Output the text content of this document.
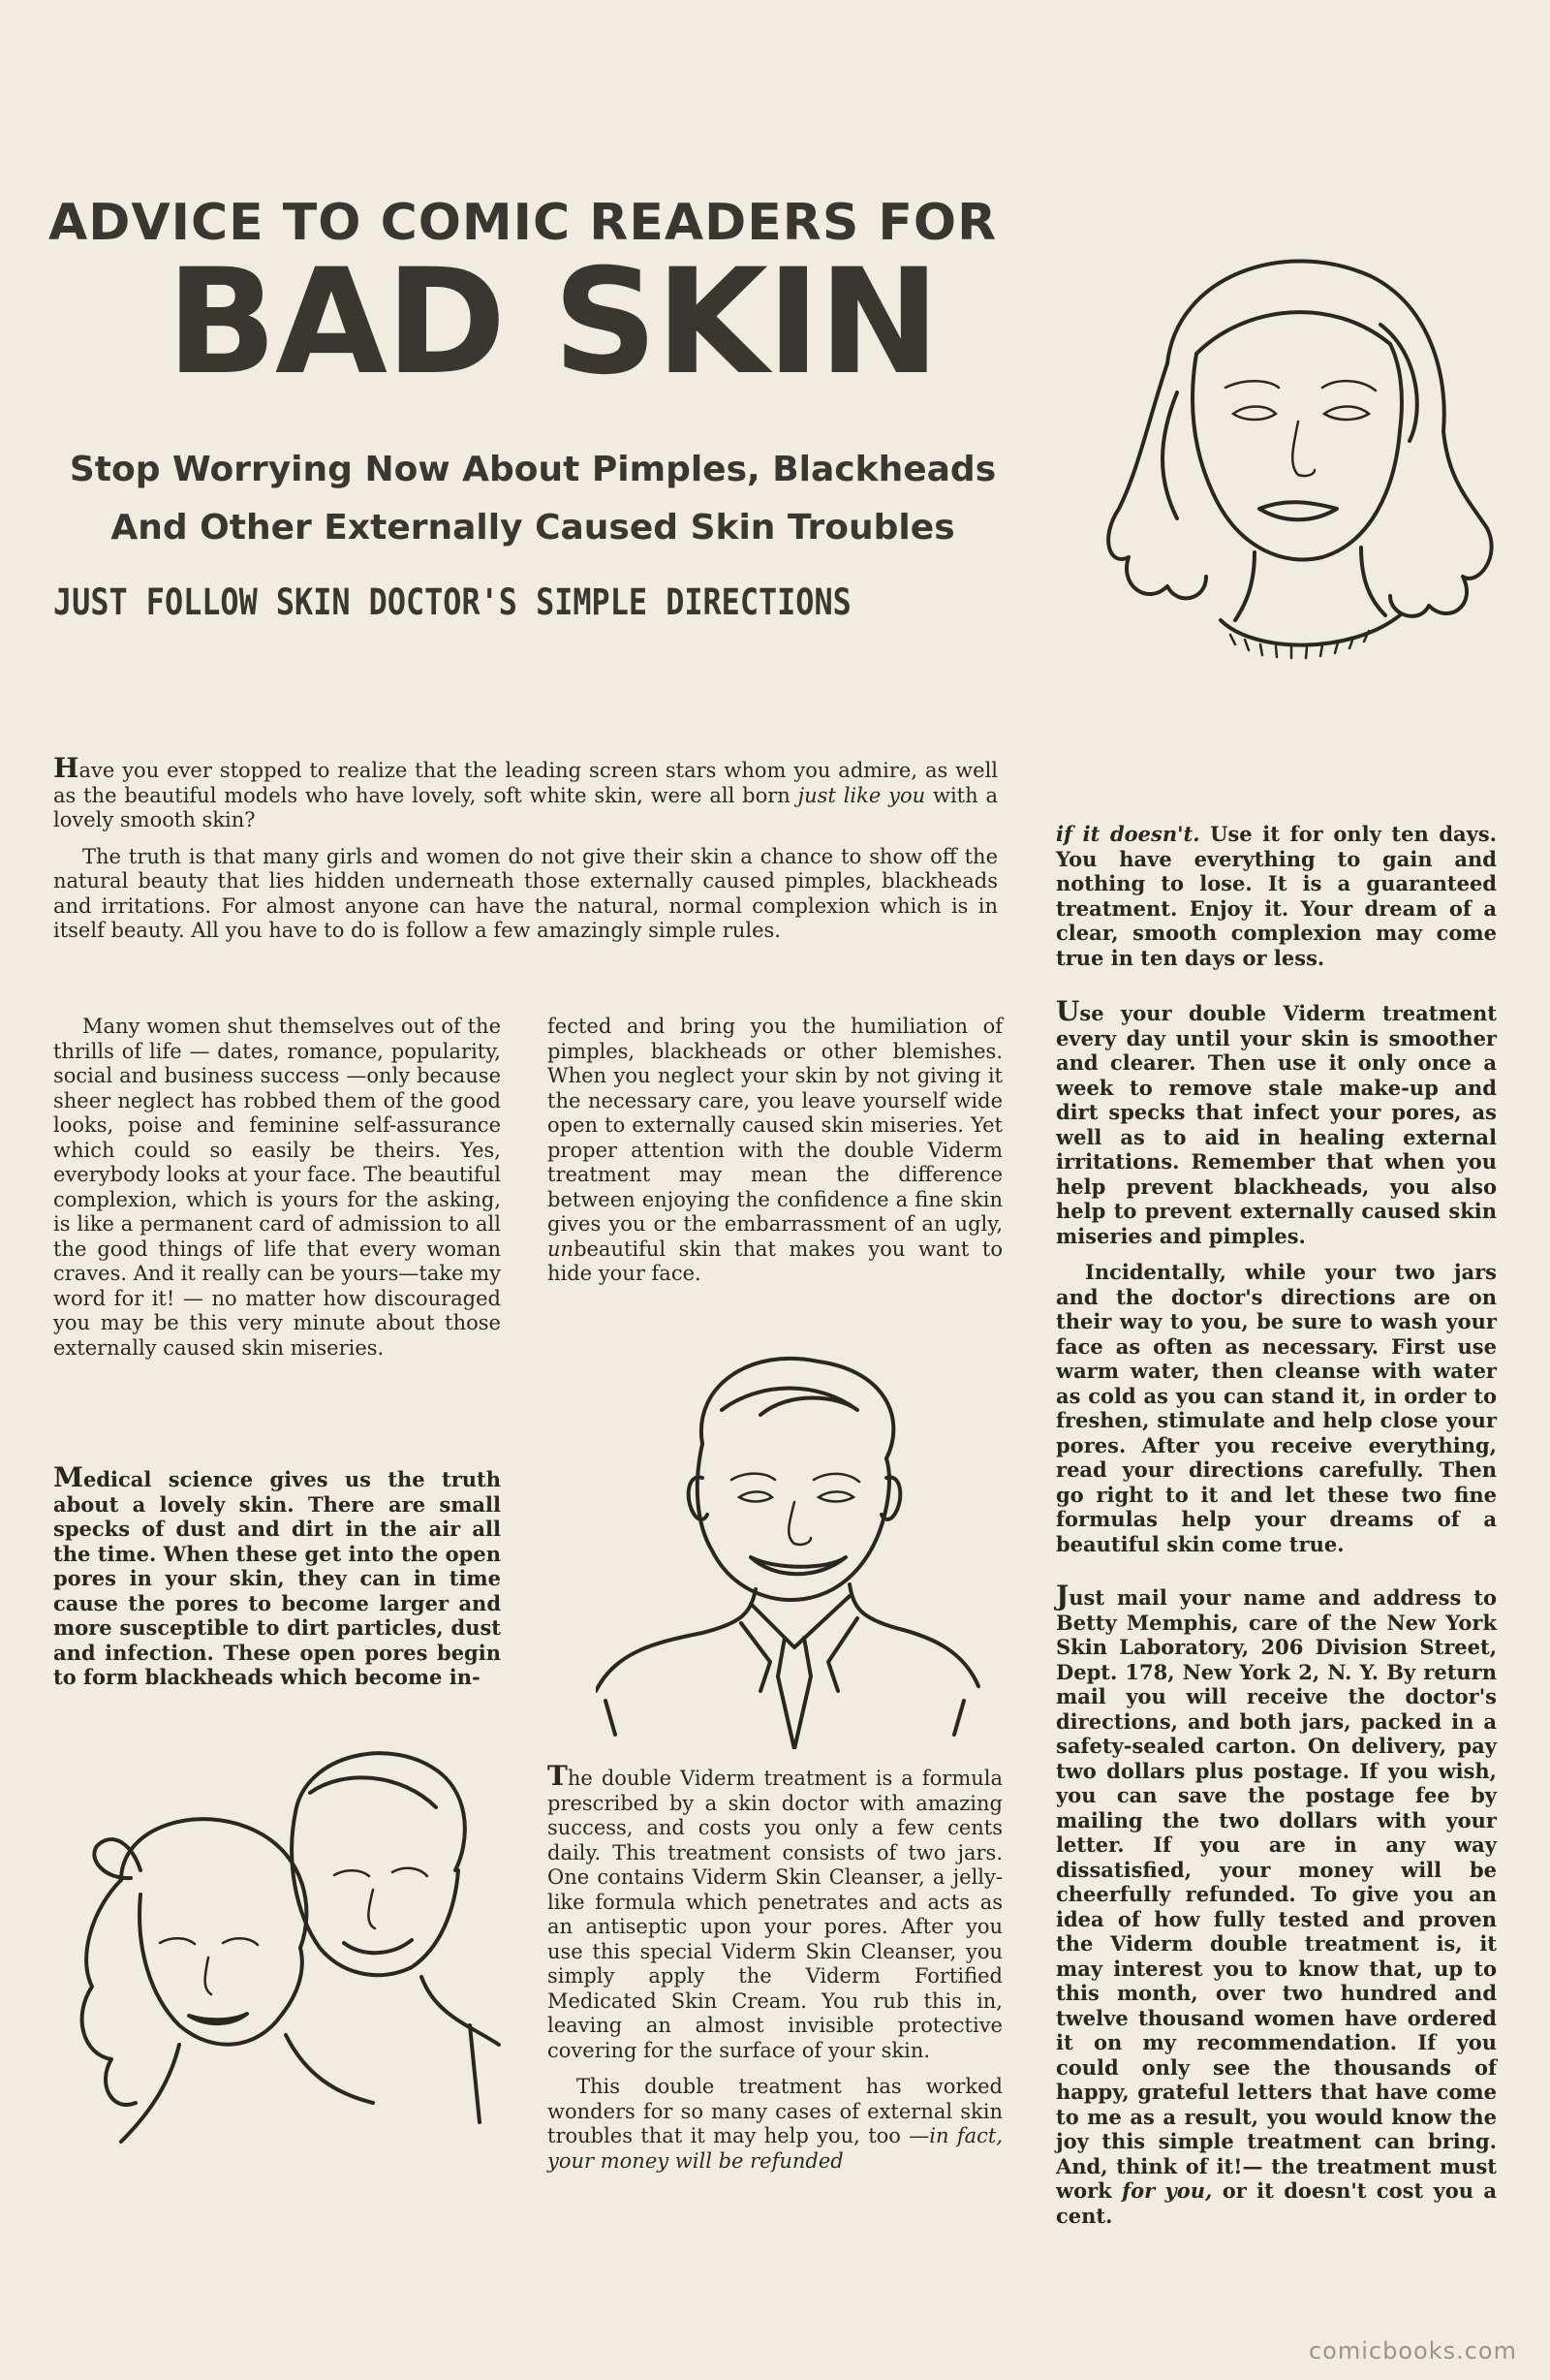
ADVICE TO COMIC READERS FOR
BAD SKIN
Stop Worrying Now About Pimples, Blackheads
And Other Externally Caused Skin Troubles
JUST FOLLOW SKIN DOCTOR'S SIMPLE DIRECTIONS

Have you ever stopped to realize that the leading screen stars whom you admire, as well as the beautiful models who have lovely, soft white skin, were all born just like you with a lovely smooth skin?

The truth is that many girls and women do not give their skin a chance to show off the natural beauty that lies hidden underneath those externally caused pimples, blackheads and irritations. For almost anyone can have the natural, normal complexion which is in itself beauty. All you have to do is follow a few amazingly simple rules.

Many women shut themselves out of the thrills of life — dates, romance, popularity, social and business success —only because sheer neglect has robbed them of the good looks, poise and feminine self-assurance which could so easily be theirs. Yes, everybody looks at your face. The beautiful complexion, which is yours for the asking, is like a permanent card of admission to all the good things of life that every woman craves. And it really can be yours—take my word for it! — no matter how discouraged you may be this very minute about those externally caused skin miseries.

Medical science gives us the truth about a lovely skin. There are small specks of dust and dirt in the air all the time. When these get into the open pores in your skin, they can in time cause the pores to become larger and more susceptible to dirt particles, dust and infection. These open pores begin to form blackheads which become in-

fected and bring you the humiliation of pimples, blackheads or other blemishes. When you neglect your skin by not giving it the necessary care, you leave yourself wide open to externally caused skin miseries. Yet proper attention with the double Viderm treatment may mean the difference between enjoying the confidence a fine skin gives you or the embarrassment of an ugly, unbeautiful skin that makes you want to hide your face.

The double Viderm treatment is a formula prescribed by a skin doctor with amazing success, and costs you only a few cents daily. This treatment consists of two jars. One contains Viderm Skin Cleanser, a jelly-like formula which penetrates and acts as an antiseptic upon your pores. After you use this special Viderm Skin Cleanser, you simply apply the Viderm Fortified Medicated Skin Cream. You rub this in, leaving an almost invisible protective covering for the surface of your skin.

This double treatment has worked wonders for so many cases of external skin troubles that it may help you, too —in fact, your money will be refunded

if it doesn't. Use it for only ten days. You have everything to gain and nothing to lose. It is a guaranteed treatment. Enjoy it. Your dream of a clear, smooth complexion may come true in ten days or less.

Use your double Viderm treatment every day until your skin is smoother and clearer. Then use it only once a week to remove stale make-up and dirt specks that infect your pores, as well as to aid in healing external irritations. Remember that when you help prevent blackheads, you also help to prevent externally caused skin miseries and pimples.

Incidentally, while your two jars and the doctor's directions are on their way to you, be sure to wash your face as often as necessary. First use warm water, then cleanse with water as cold as you can stand it, in order to freshen, stimulate and help close your pores. After you receive everything, read your directions carefully. Then go right to it and let these two fine formulas help your dreams of a beautiful skin come true.

Just mail your name and address to Betty Memphis, care of the New York Skin Laboratory, 206 Division Street, Dept. 178, New York 2, N. Y. By return mail you will receive the doctor's directions, and both jars, packed in a safety-sealed carton. On delivery, pay two dollars plus postage. If you wish, you can save the postage fee by mailing the two dollars with your letter. If you are in any way dissatisfied, your money will be cheerfully refunded. To give you an idea of how fully tested and proven the Viderm double treatment is, it may interest you to know that, up to this month, over two hundred and twelve thousand women have ordered it on my recommendation. If you could only see the thousands of happy, grateful letters that have come to me as a result, you would know the joy this simple treatment can bring. And, think of it!— the treatment must work for you, or it doesn't cost you a cent.

comicbooks.com
